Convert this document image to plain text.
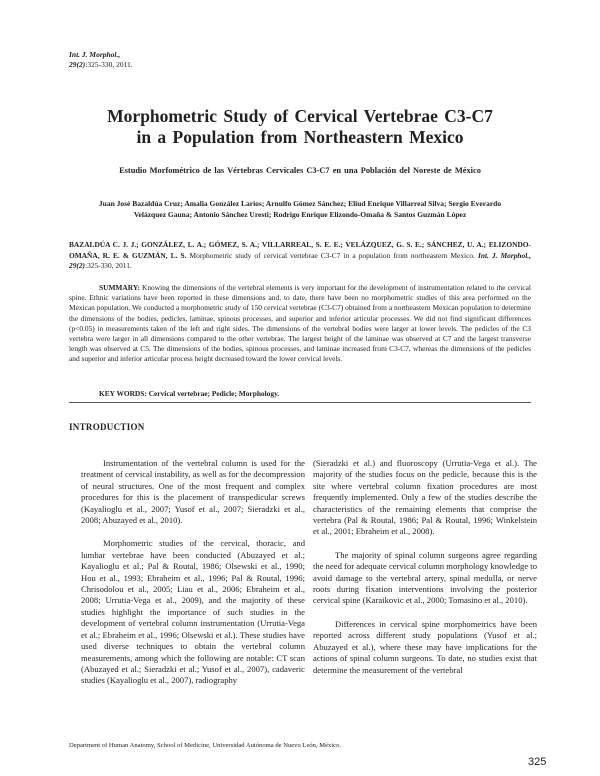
Int. J. Morphol.,
29(2):325-330, 2011.
Morphometric Study of Cervical Vertebrae C3-C7
in a Population from Northeastern Mexico
Estudio Morfométrico de las Vértebras Cervicales C3-C7 en una Población del Noreste de México
Juan José Bazaldúa Cruz; Amalia González Larios; Arnulfo Gómez Sánchez; Eliud Enrique Villarreal Silva; Sergio Everardo
Velázquez Gauna; Antonio Sánchez Uresti; Rodrigo Enrique Elizondo-Omaña & Santos Guzmán López
BAZALDÚA C. J. J.; GONZÁLEZ, L. A.; GÓMEZ, S. A.; VILLARREAL, S. E. E.; VELÁZQUEZ, G. S. E.; SÁNCHEZ, U. A.; ELIZONDO-OMAÑA, R. E. & GUZMÁN, L. S. Morphometric study of cervical vertebrae C3-C7 in a population from northeastern Mexico. Int. J. Morphol., 29(2):325-330, 2011.
SUMMARY: Knowing the dimensions of the vertebral elements is very important for the development of instrumentation related to the cervical spine. Ethnic variations have been reported in these dimensions and, to date, there have been no morphometric studies of this area performed on the Mexican population. We conducted a morphometric study of 150 cervical vertebrae (C3-C7) obtained from a northeastern Mexican population to determine the dimensions of the bodies, pedicles, laminae, spinous processes, and superior and inferior articular processes. We did not find significant differences (p<0.05) in measurements taken of the left and right sides. The dimensions of the vertebral bodies were larger at lower levels. The pedicles of the C3 vertebra were larger in all dimensions compared to the other vertebrae. The largest height of the laminae was observed at C7 and the largest transverse length was observed at C5. The dimensions of the bodies, spinous processes, and laminae increased from C3-C7, whereas the dimensions of the pedicles and superior and inferior articular process height decreased toward the lower cervical levels.
KEY WORDS: Cervical vertebrae; Pedicle; Morphology.
INTRODUCTION

Instrumentation of the vertebral column is used for the treatment of cervical instability, as well as for the decompression of neural structures. One of the most frequent and complex procedures for this is the placement of transpedicular screws (Kayalioglu et al., 2007; Yusof et al., 2007; Sieradzki et al., 2008; Abuzayed et al., 2010).

Morphometric studies of the cervical, thoracic, and lumbar vertebrae have been conducted (Abuzayed et al.; Kayalioglu et al.; Pal & Routal, 1986; Olsewski et al., 1990; Hou et al., 1993; Ebraheim et al., 1996; Pal & Routal, 1996; Chrisodolou et al., 2005; Liau et al., 2006; Ebraheim et al., 2008; Urrutia-Vega et al., 2009), and the majority of these studies highlight the importance of such studies in the development of vertebral column instrumentation (Urrutia-Vega et al.; Ebraheim et al., 1996; Olsewski et al.). These studies have used diverse techniques to obtain the vertebral column measurements, among which the following are notable: CT scan (Abuzayed et al.; Sieradzki et al.; Yusof et al., 2007), cadaveric studies (Kayalioglu et al., 2007), radiography

(Sieradzki et al.) and fluoroscopy (Urrutia-Vega et al.). The majority of the studies focus on the pedicle, because this is the site where vertebral column fixation procedures are most frequently implemented. Only a few of the studies describe the characteristics of the remaining elements that comprise the vertebra (Pal & Routal, 1986; Pal & Routal, 1996; Winkelstein et al., 2001; Ebraheim et al., 2008).

The majority of spinal column surgeons agree regarding the need for adequate cervical column morphology knowledge to avoid damage to the vertebral artery, spinal medulla, or nerve roots during fixation interventions involving the posterior cervical spine (Karaikovic et al., 2000; Tomasino et al., 2010).

Differences in cervical spine morphometrics have been reported across different study populations (Yusof et al.; Abuzayed et al.), where these may have implications for the actions of spinal column surgeons. To date, no studies exist that determine the measurement of the vertebral

Department of Human Anatomy, School of Medicine, Universidad Autónoma de Nuevo León, México.
325
